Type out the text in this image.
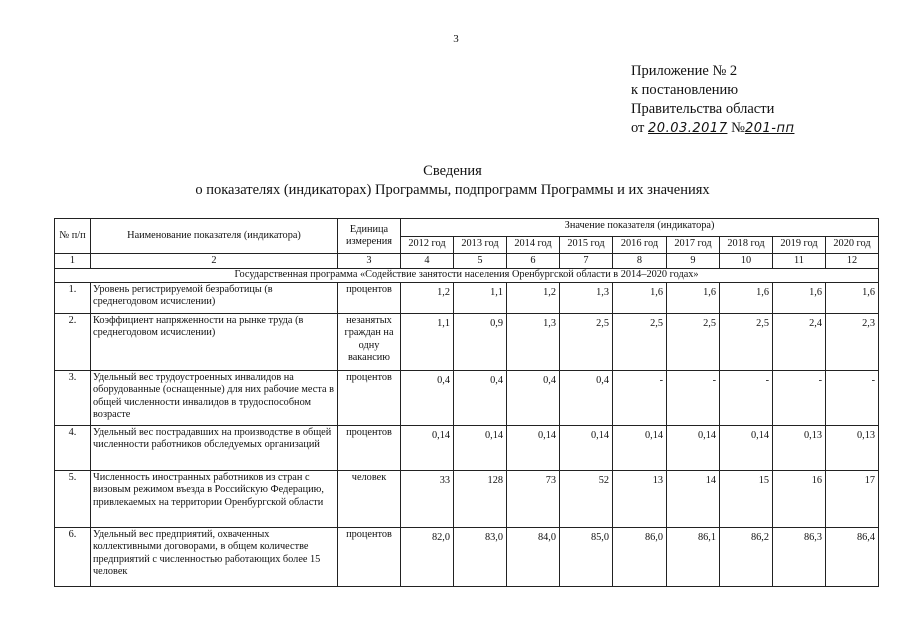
3
Приложение № 2
к постановлению
Правительства области
от 20.03.2017 №201-пп
Сведения
о показателях (индикаторах) Программы, подпрограмм Программы и их значениях
№ п/п	Наименование показателя (индикатора)	Единица измерения	Значение показателя (индикатора)								
			2012 год	2013 год	2014 год	2015 год	2016 год	2017 год	2018 год	2019 год	2020 год
1	2	3	4	5	6	7	8	9	10	11	12
Государственная программа «Содействие занятости населения Оренбургской области в 2014–2020 годах»											
1.	Уровень регистрируемой безработицы (в среднегодовом исчислении)	процентов	1,2	1,1	1,2	1,3	1,6	1,6	1,6	1,6	1,6
2.	Коэффициент напряженности на рынке труда (в среднегодовом исчислении)	незанятых граждан на одну вакансию	1,1	0,9	1,3	2,5	2,5	2,5	2,5	2,4	2,3
3.	Удельный вес трудоустроенных инвалидов на оборудованные (оснащенные) для них рабочие места в общей численности инвалидов в трудоспособном возрасте	процентов	0,4	0,4	0,4	0,4	-	-	-	-	-
4.	Удельный вес пострадавших на производстве в общей численности работников обследуемых организаций	процентов	0,14	0,14	0,14	0,14	0,14	0,14	0,14	0,13	0,13
5.	Численность иностранных работников из стран с визовым режимом въезда в Российскую Федерацию, привлекаемых на территории Оренбургской области	человек	33	128	73	52	13	14	15	16	17
6.	Удельный вес предприятий, охваченных коллективными договорами, в общем количестве предприятий с численностью работающих более 15 человек	процентов	82,0	83,0	84,0	85,0	86,0	86,1	86,2	86,3	86,4
